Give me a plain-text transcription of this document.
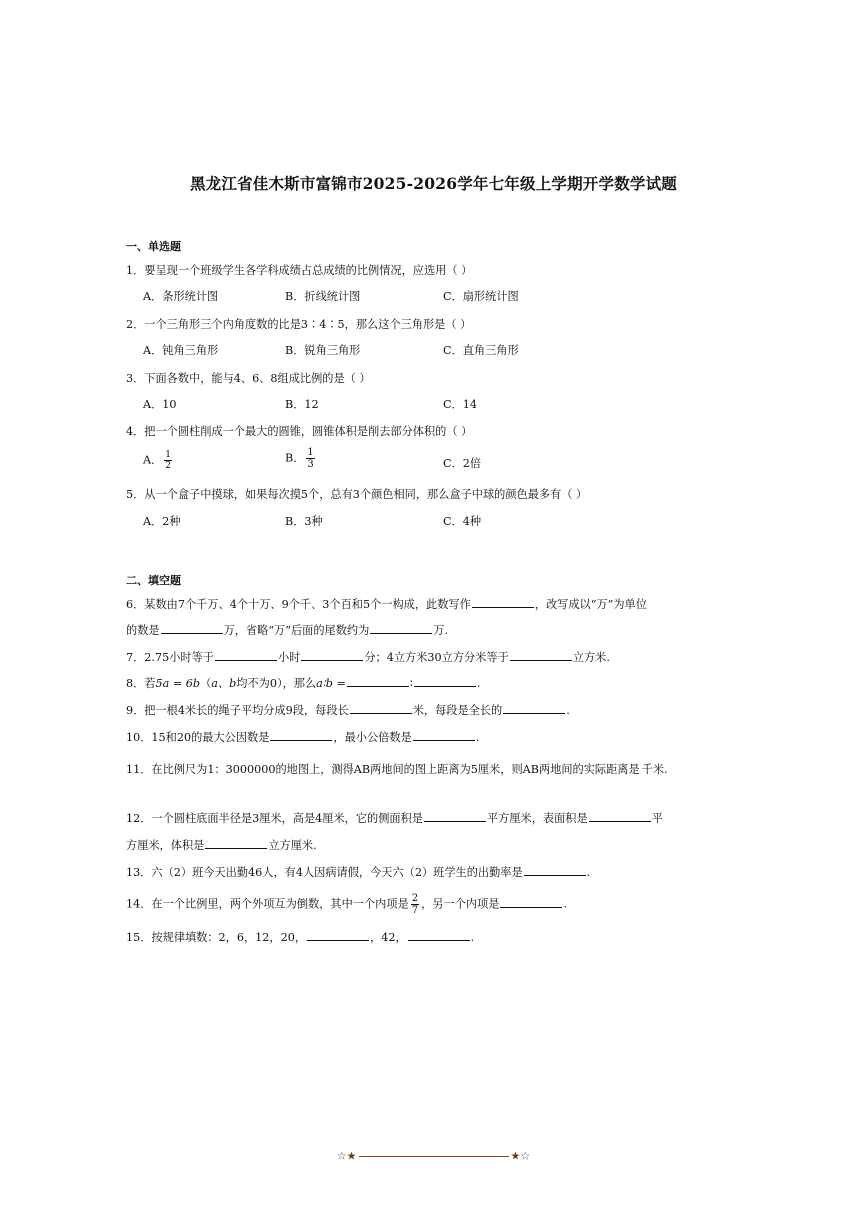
黑龙江省佳木斯市富锦市2025-2026学年七年级上学期开学数学试题
一、单选题
1．要呈现一个班级学生各学科成绩占总成绩的比例情况，应选用（ ）
A．条形统计图	B．折线统计图	C．扇形统计图
2．一个三角形三个内角度数的比是3∶4∶5，那么这个三角形是（ ）
A．钝角三角形	B．锐角三角形	C．直角三角形
3．下面各数中，能与4、6、8组成比例的是（ ）
A．10	B．12	C．14
4．把一个圆柱削成一个最大的圆锥，圆锥体积是削去部分体积的（ ）
A． $\frac{1}{2}$	B． $\frac{1}{3}$	C．2倍
5．从一个盒子中摸球，如果每次摸5个，总有3个颜色相同，那么盒子中球的颜色最多有（ ）
A．2种	B．3种	C．4种
二、填空题
6．某数由7个千万、4个十万、9个千、3个百和5个一构成，此数写作	，改写成以“万”为单位
的数是	万，省略“万”后面的尾数约为	万.
7．2.75小时等于	小时	分；4立方米30立方分米等于	立方米.
8．若5a = 6b（a、b均不为0），那么a∶b =	∶	.
9．把一根4米长的绳子平均分成9段，每段长	米，每段是全长的	.
10．15和20的最大公因数是	，最小公倍数是	.
11．在比例尺为1：3000000的地图上，测得AB两地间的图上距离为5厘米，则AB两地间的实际距离是 千米.
12．一个圆柱底面半径是3厘米，高是4厘米，它的侧面积是	平方厘米，表面积是	平
方厘米，体积是	立方厘米.
13．六（2）班今天出勤46人，有4人因病请假，今天六（2）班学生的出勤率是	.
14．在一个比例里，两个外项互为倒数，其中一个内项是 $\frac{2}{7}$ ，另一个内项是	.
15．按规律填数：2，6，12，20，	，42，	.
☆★	★☆
